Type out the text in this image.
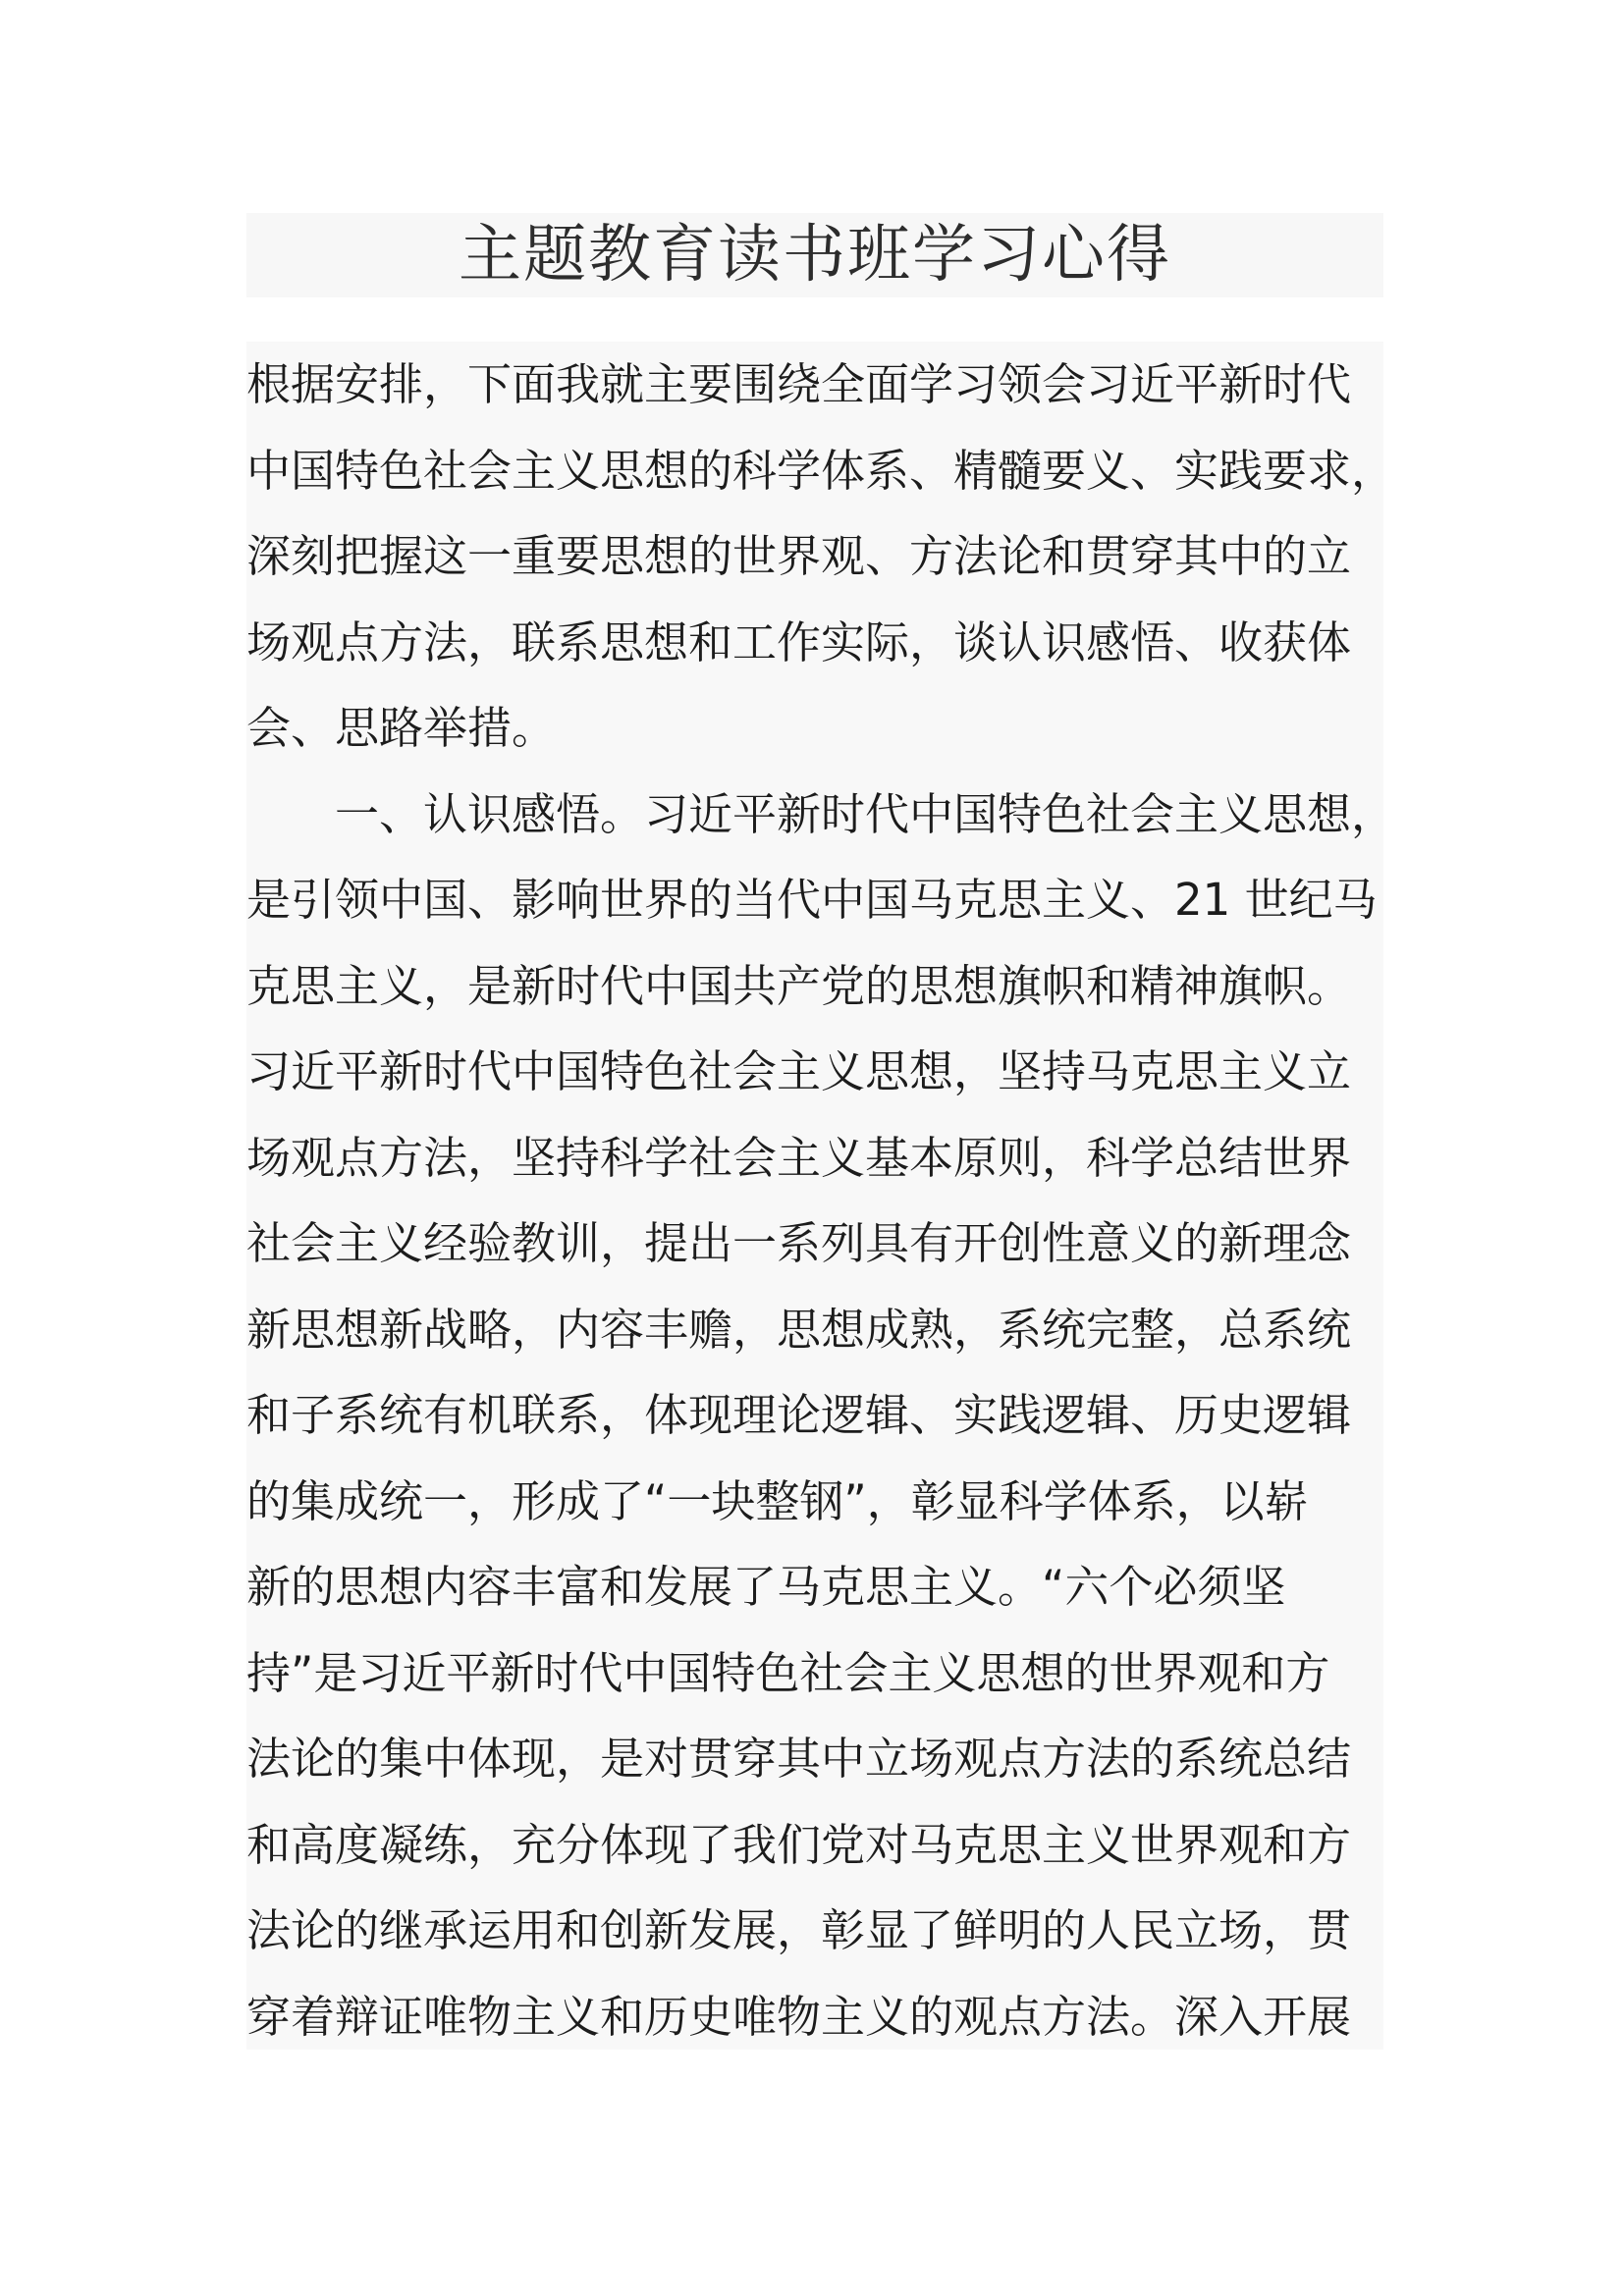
主题教育读书班学习心得

根据安排，下面我就主要围绕全面学习领会习近平新时代
中国特色社会主义思想的科学体系、精髓要义、实践要求，
深刻把握这一重要思想的世界观、方法论和贯穿其中的立
场观点方法，联系思想和工作实际，谈认识感悟、收获体
会、思路举措。

　　一、认识感悟。习近平新时代中国特色社会主义思想，
是引领中国、影响世界的当代中国马克思主义、21 世纪马
克思主义，是新时代中国共产党的思想旗帜和精神旗帜。
习近平新时代中国特色社会主义思想，坚持马克思主义立
场观点方法，坚持科学社会主义基本原则，科学总结世界
社会主义经验教训，提出一系列具有开创性意义的新理念
新思想新战略，内容丰赡，思想成熟，系统完整，总系统
和子系统有机联系，体现理论逻辑、实践逻辑、历史逻辑
的集成统一，形成了“一块整钢”，彰显科学体系，以崭
新的思想内容丰富和发展了马克思主义。“六个必须坚
持”是习近平新时代中国特色社会主义思想的世界观和方
法论的集中体现，是对贯穿其中立场观点方法的系统总结
和高度凝练，充分体现了我们党对马克思主义世界观和方
法论的继承运用和创新发展，彰显了鲜明的人民立场，贯
穿着辩证唯物主义和历史唯物主义的观点方法。深入开展
